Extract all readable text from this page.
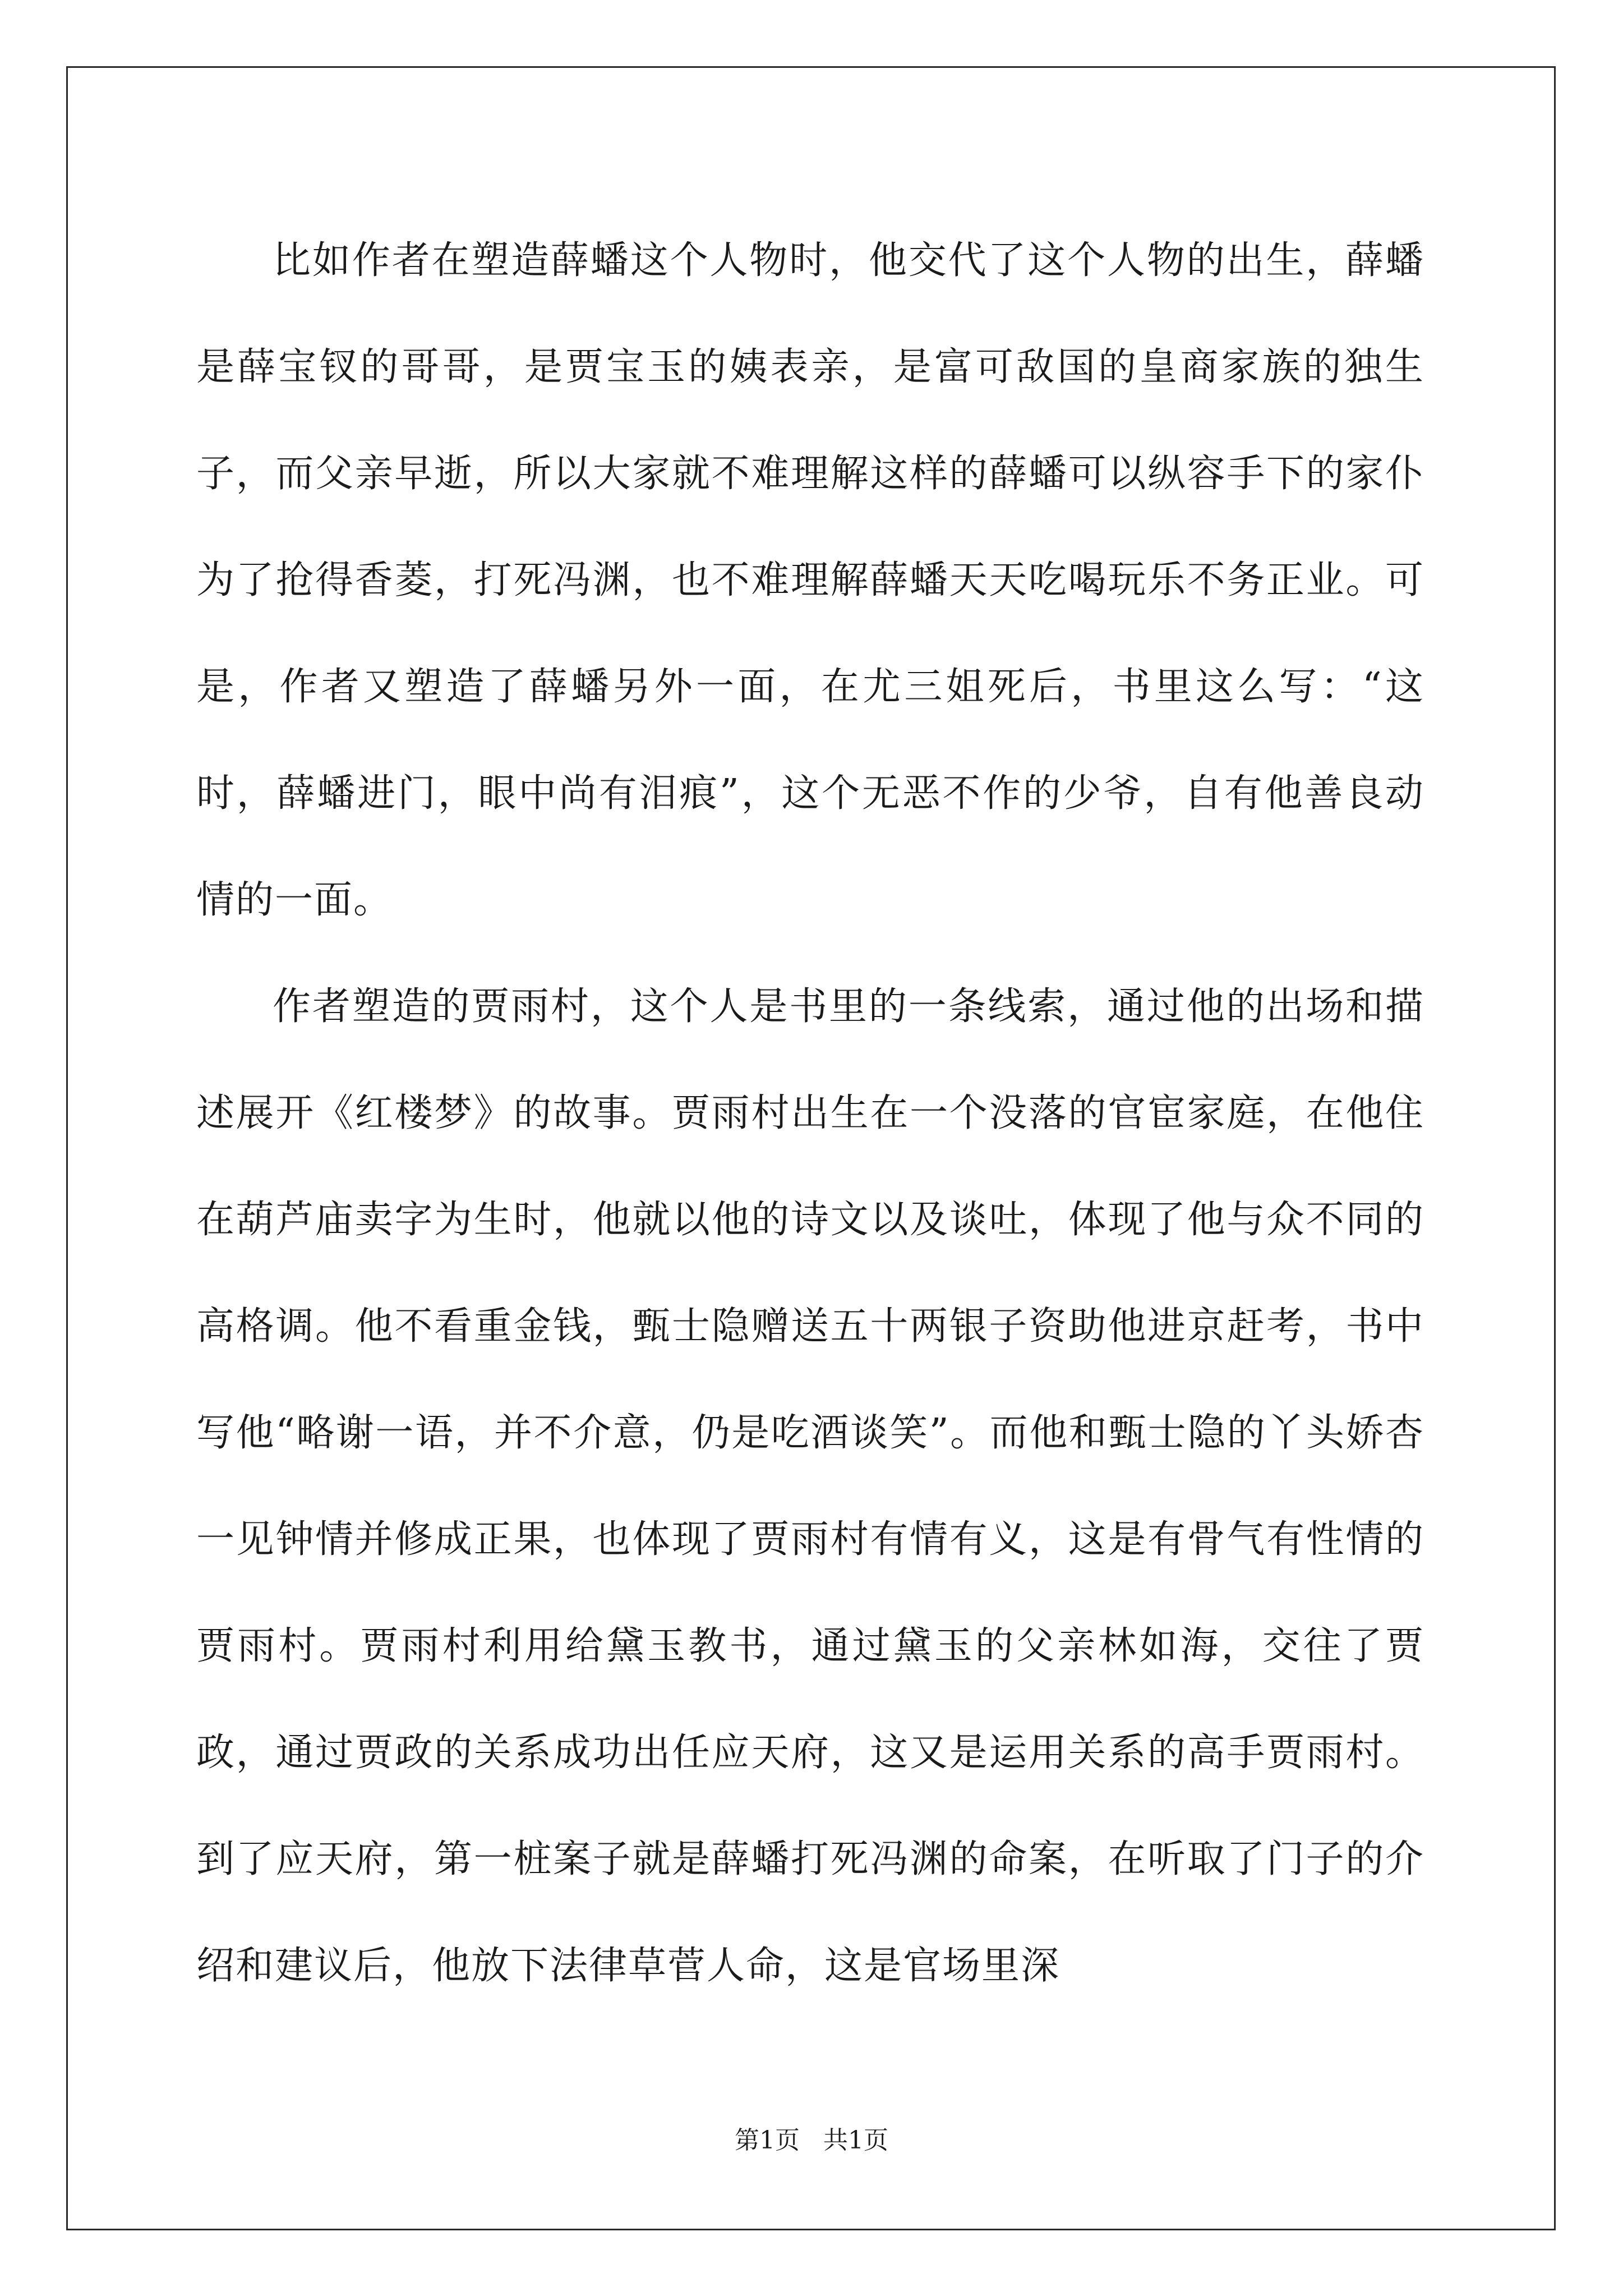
比如作者在塑造薛蟠这个人物时，他交代了这个人物的出生，薛蟠是薛宝钗的哥哥，是贾宝玉的姨表亲，是富可敌国的皇商家族的独生子，而父亲早逝，所以大家就不难理解这样的薛蟠可以纵容手下的家仆为了抢得香菱，打死冯渊，也不难理解薛蟠天天吃喝玩乐不务正业。可是，作者又塑造了薛蟠另外一面，在尤三姐死后，书里这么写：“这时，薛蟠进门，眼中尚有泪痕”，这个无恶不作的少爷，自有他善良动情的一面。

作者塑造的贾雨村，这个人是书里的一条线索，通过他的出场和描述展开《红楼梦》的故事。贾雨村出生在一个没落的官宦家庭，在他住在葫芦庙卖字为生时，他就以他的诗文以及谈吐，体现了他与众不同的高格调。他不看重金钱，甄士隐赠送五十两银子资助他进京赶考，书中写他“略谢一语，并不介意，仍是吃酒谈笑”。而他和甄士隐的丫头娇杏一见钟情并修成正果，也体现了贾雨村有情有义，这是有骨气有性情的贾雨村。贾雨村利用给黛玉教书，通过黛玉的父亲林如海，交往了贾政，通过贾政的关系成功出任应天府，这又是运用关系的高手贾雨村。到了应天府，第一桩案子就是薛蟠打死冯渊的命案，在听取了门子的介绍和建议后，他放下法律草菅人命，这是官场里深

第1页 共1页
